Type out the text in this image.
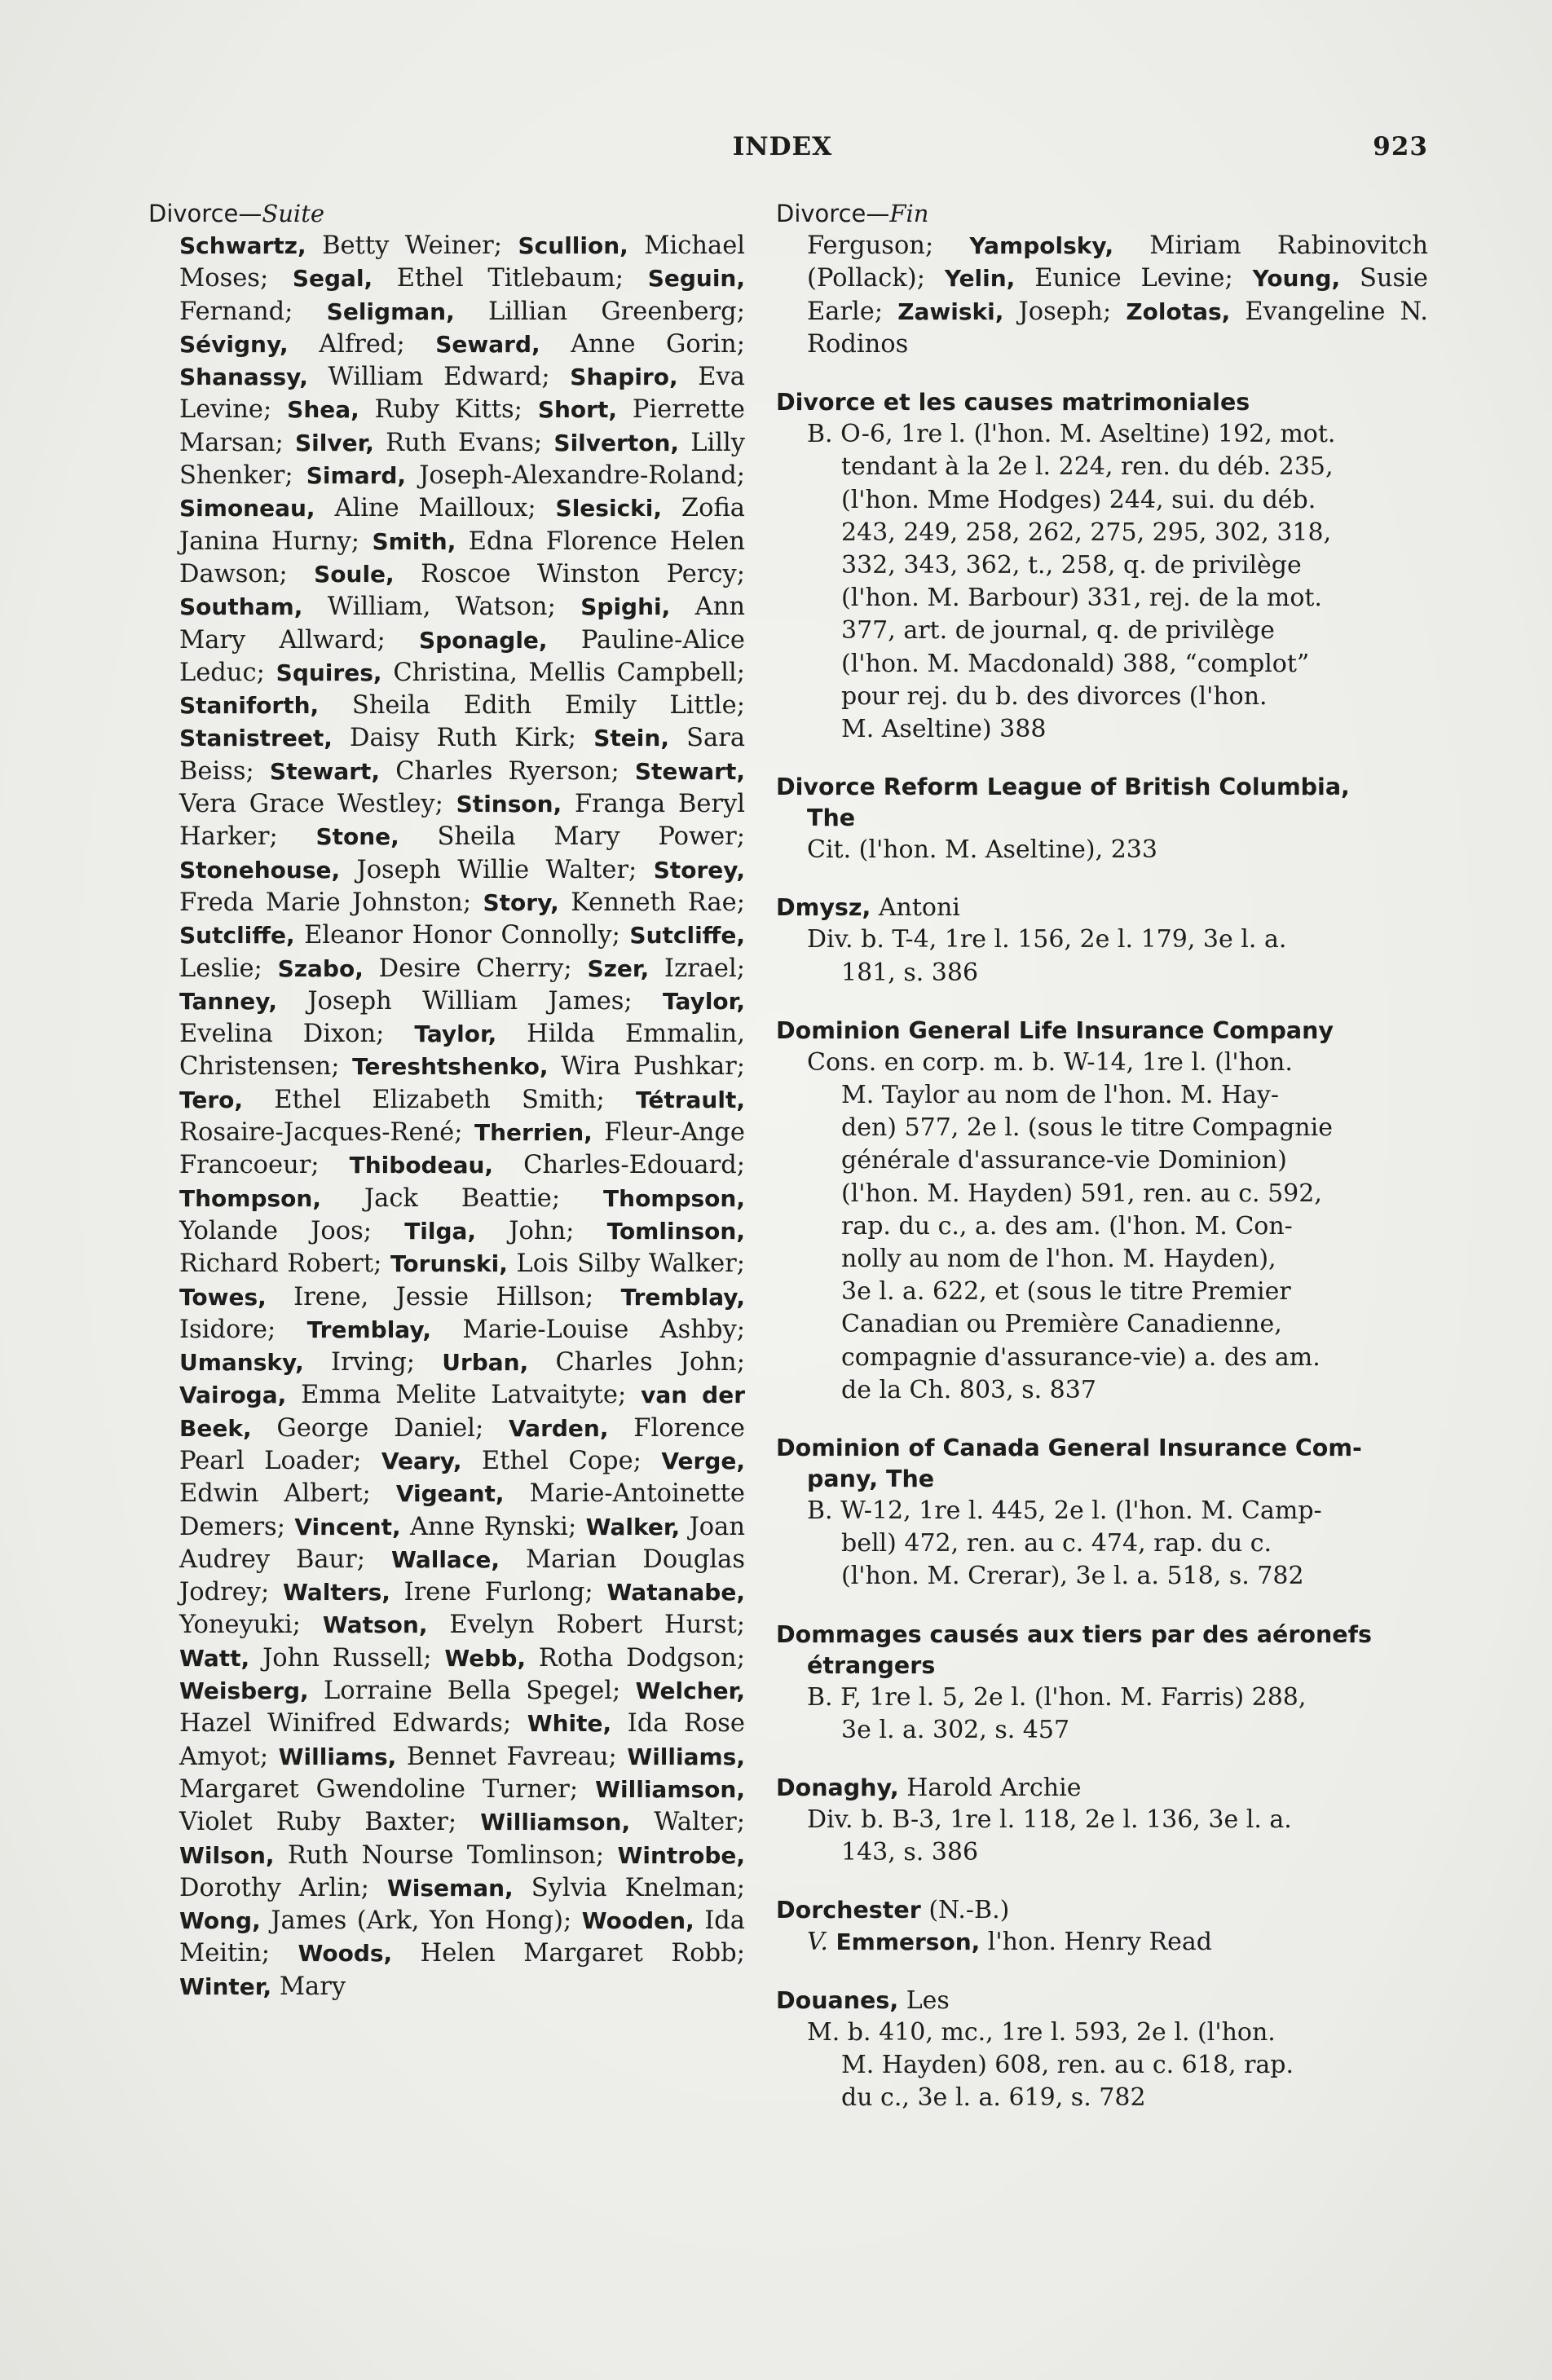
INDEX	923
Divorce—Suite
Schwartz, Betty Weiner; Scullion, Michael Moses; Segal, Ethel Titlebaum; Seguin, Fernand; Seligman, Lillian Greenberg; Sévigny, Alfred; Seward, Anne Gorin; Shanassy, William Edward; Shapiro, Eva Levine; Shea, Ruby Kitts; Short, Pierrette Marsan; Silver, Ruth Evans; Silverton, Lilly Shenker; Simard, Joseph-Alexandre-Roland; Simoneau, Aline Mailloux; Slesicki, Zofia Janina Hurny; Smith, Edna Florence Helen Dawson; Soule, Roscoe Winston Percy; Southam, William, Watson; Spighi, Ann Mary Allward; Sponagle, Pauline-Alice Leduc; Squires, Christina, Mellis Campbell; Staniforth, Sheila Edith Emily Little; Stanistreet, Daisy Ruth Kirk; Stein, Sara Beiss; Stewart, Charles Ryerson; Stewart, Vera Grace Westley; Stinson, Franga Beryl Harker; Stone, Sheila Mary Power; Stonehouse, Joseph Willie Walter; Storey, Freda Marie Johnston; Story, Kenneth Rae; Sutcliffe, Eleanor Honor Connolly; Sutcliffe, Leslie; Szabo, Desire Cherry; Szer, Izrael; Tanney, Joseph William James; Taylor, Evelina Dixon; Taylor, Hilda Emmalin, Christensen; Tereshtshenko, Wira Pushkar; Tero, Ethel Elizabeth Smith; Tétrault, Rosaire-Jacques-René; Therrien, Fleur-Ange Francoeur; Thibodeau, Charles-Edouard; Thompson, Jack Beattie; Thompson, Yolande Joos; Tilga, John; Tomlinson, Richard Robert; Torunski, Lois Silby Walker; Towes, Irene, Jessie Hillson; Tremblay, Isidore; Tremblay, Marie-Louise Ashby; Umansky, Irving; Urban, Charles John; Vairoga, Emma Melite Latvaityte; van der Beek, George Daniel; Varden, Florence Pearl Loader; Veary, Ethel Cope; Verge, Edwin Albert; Vigeant, Marie-Antoinette Demers; Vincent, Anne Rynski; Walker, Joan Audrey Baur; Wallace, Marian Douglas Jodrey; Walters, Irene Furlong; Watanabe, Yoneyuki; Watson, Evelyn Robert Hurst; Watt, John Russell; Webb, Rotha Dodgson; Weisberg, Lorraine Bella Spegel; Welcher, Hazel Winifred Edwards; White, Ida Rose Amyot; Williams, Bennet Favreau; Williams, Margaret Gwendoline Turner; Williamson, Violet Ruby Baxter; Williamson, Walter; Wilson, Ruth Nourse Tomlinson; Wintrobe, Dorothy Arlin; Wiseman, Sylvia Knelman; Wong, James (Ark, Yon Hong); Wooden, Ida Meitin; Woods, Helen Margaret Robb; Winter, Mary
Divorce—Fin
Ferguson; Yampolsky, Miriam Rabinovitch (Pollack); Yelin, Eunice Levine; Young, Susie Earle; Zawiski, Joseph; Zolotas, Evangeline N. Rodinos
Divorce et les causes matrimoniales
B. O-6, 1re l. (l'hon. M. Aseltine) 192, mot.
tendant à la 2e l. 224, ren. du déb. 235,
(l'hon. Mme Hodges) 244, sui. du déb.
243, 249, 258, 262, 275, 295, 302, 318,
332, 343, 362, t., 258, q. de privilège
(l'hon. M. Barbour) 331, rej. de la mot.
377, art. de journal, q. de privilège
(l'hon. M. Macdonald) 388, “complot”
pour rej. du b. des divorces (l'hon.
M. Aseltine) 388
Divorce Reform League of British Columbia,
The
Cit. (l'hon. M. Aseltine), 233
Dmysz, Antoni
Div. b. T-4, 1re l. 156, 2e l. 179, 3e l. a.
181, s. 386
Dominion General Life Insurance Company
Cons. en corp. m. b. W-14, 1re l. (l'hon.
M. Taylor au nom de l'hon. M. Hay-
den) 577, 2e l. (sous le titre Compagnie
générale d'assurance-vie Dominion)
(l'hon. M. Hayden) 591, ren. au c. 592,
rap. du c., a. des am. (l'hon. M. Con-
nolly au nom de l'hon. M. Hayden),
3e l. a. 622, et (sous le titre Premier
Canadian ou Première Canadienne,
compagnie d'assurance-vie) a. des am.
de la Ch. 803, s. 837
Dominion of Canada General Insurance Com-
pany, The
B. W-12, 1re l. 445, 2e l. (l'hon. M. Camp-
bell) 472, ren. au c. 474, rap. du c.
(l'hon. M. Crerar), 3e l. a. 518, s. 782
Dommages causés aux tiers par des aéronefs
étrangers
B. F, 1re l. 5, 2e l. (l'hon. M. Farris) 288,
3e l. a. 302, s. 457
Donaghy, Harold Archie
Div. b. B-3, 1re l. 118, 2e l. 136, 3e l. a.
143, s. 386
Dorchester (N.-B.)
V. Emmerson, l'hon. Henry Read
Douanes, Les
M. b. 410, mc., 1re l. 593, 2e l. (l'hon.
M. Hayden) 608, ren. au c. 618, rap.
du c., 3e l. a. 619, s. 782
